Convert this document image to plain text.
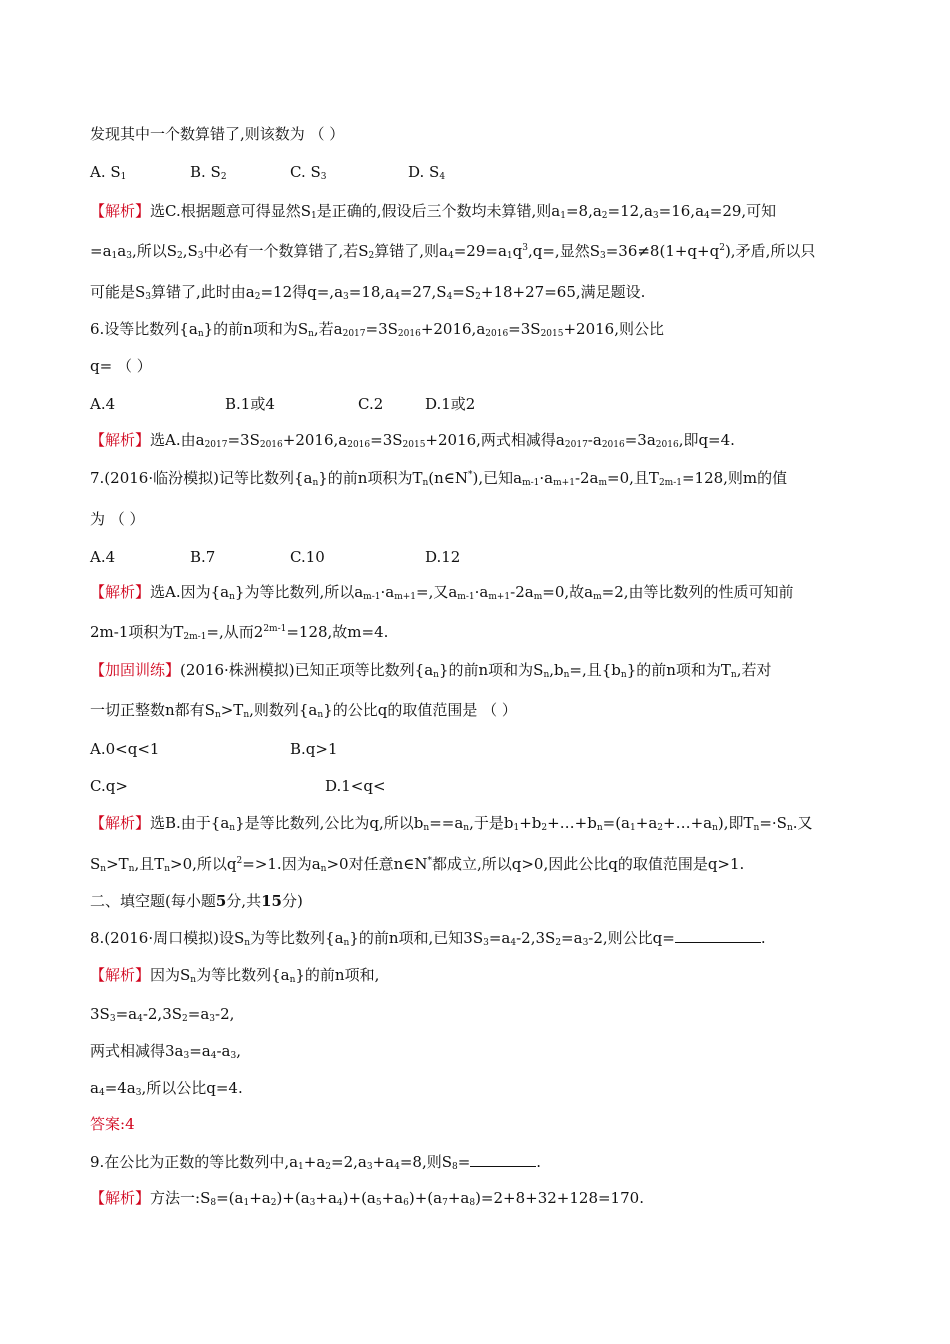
发现其中一个数算错了,则该数为 （ ）
A. $S_1$	B. $S_2$	C. $S_3$	D. $S_4$
【解析】选C.根据题意可得显然$S_1$是正确的,假设后三个数均未算错,则$a_1=8,a_2=12,a_3=16,a_4=29$,可知
$=a_1a_3$,所以$S_2,S_3$中必有一个数算错了,若$S_2$算错了,则$a_4=29=a_1q^3,q=$,显然$S_3=36\ne 8(1+q+q^2)$,矛盾,所以只
可能是$S_3$算错了,此时由$a_2=12$得$q=,a_3=18,a_4=27,S_4=S_2+18+27=65$,满足题设.
6.设等比数列$\{a_n\}$的前n项和为$S_n$,若$a_{2017}=3S_{2016}+2016,a_{2016}=3S_{2015}+2016$,则公比
q= （ ）
A.4	B.1或4	C.2	D.1或2
【解析】选A.由$a_{2017}=3S_{2016}+2016,a_{2016}=3S_{2015}+2016$,两式相减得$a_{2017}-a_{2016}=3a_{2016}$,即q=4.
7.(2016·临汾模拟)记等比数列$\{a_n\}$的前n项积为$T_n(n\in N^*)$,已知$a_{m-1}\cdot a_{m+1}-2a_m=0$,且$T_{2m-1}=128$,则m的值
为 （ ）
A.4	B.7	C.10	D.12
【解析】选A.因为$\{a_n\}$为等比数列,所以$a_{m-1}\cdot a_{m+1}=$,又$a_{m-1}\cdot a_{m+1}-2a_m=0$,故$a_m=2$,由等比数列的性质可知前
2m-1项积为$T_{2m-1}=$,从而$2^{2m-1}=128$,故m=4.
【加固训练】(2016·株洲模拟)已知正项等比数列$\{a_n\}$的前n项和为$S_n,b_n=$,且$\{b_n\}$的前n项和为$T_n$,若对
一切正整数n都有$S_n>T_n$,则数列$\{a_n\}$的公比q的取值范围是 （ ）
A.0<q<1	B.q>1
C.q>	D.1<q<
【解析】选B.由于$\{a_n\}$是等比数列,公比为q,所以$b_n==a_n$,于是$b_1+b_2+\dots+b_n=(a_1+a_2+\dots+a_n)$,即$T_n=\cdot S_n$.又
$S_n>T_n$,且$T_n>0$,所以$q^2=>1$.因为$a_n>0$对任意n∈N*都成立,所以q>0,因此公比q的取值范围是q>1.
二、填空题(每小题5分,共15分)
8.(2016·周口模拟)设$S_n$为等比数列$\{a_n\}$的前n项和,已知$3S_3=a_4-2,3S_2=a_3-2$,则公比q=	.
【解析】因为$S_n$为等比数列$\{a_n\}$的前n项和,
$3S_3=a_4-2,3S_2=a_3-2$,
两式相减得$3a_3=a_4-a_3$,
$a_4=4a_3$,所以公比q=4.
答案:4
9.在公比为正数的等比数列中$,a_1+a_2=2,a_3+a_4=8$,则$S_8=$	.
【解析】方法一$:S_8=(a_1+a_2)+(a_3+a_4)+(a_5+a_6)+(a_7+a_8)=2+8+32+128=170$.
